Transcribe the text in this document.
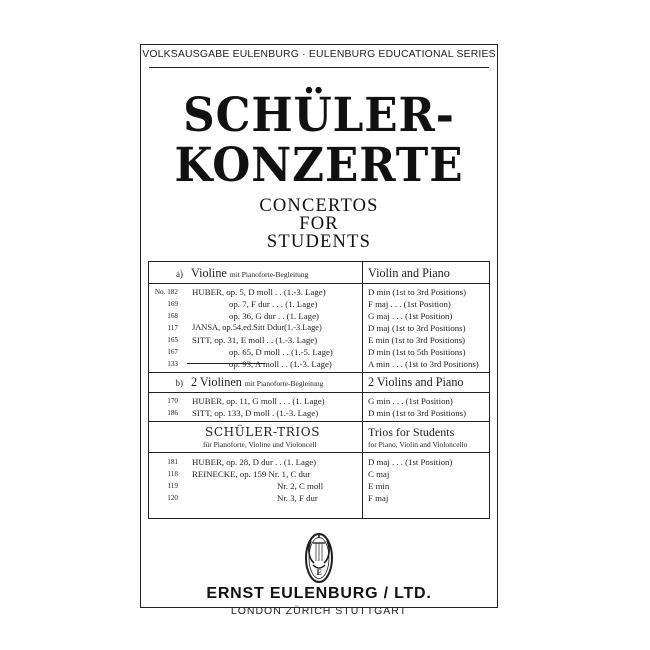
VOLKSAUSGABE EULENBURG · EULENBURG EDUCATIONAL SERIES
SCHÜLER-
KONZERTE
CONCERTOS
FOR
STUDENTS
a) Violine mit Pianoforte-Begleitung	Violin and Piano
No. 182 HUBER, op. 5, D moll . . (1.-3. Lage)	D min (1st to 3rd Positions)
169	op. 7, F dur . . . (1. Lage)	F maj . . . (1st Position)
168	op. 36, G dur . . (1. Lage)	G maj . . . (1st Position)
117 JANSA, op.54,ed.Sitt Ddur(1.-3.Lage)	D maj (1st to 3rd Positions)
165 SITT, op. 31, E moll . . (1.-3. Lage)	E min (1st to 3rd Positions)
167	op. 65, D moll . . (1.-5. Lage)	D min (1st to 5th Positions)
133	op. 93, A moll . . (1.-3. Lage)	A min . . . (1st to 3rd Positions)
b) 2 Violinen mit Pianoforte-Begleitung	2 Violins and Piano
170 HUBER, op. 11, G moll . . . (1. Lage)	G min . . . (1st Position)
186 SITT, op. 133, D moll . (1.-3. Lage)	D min (1st to 3rd Positions)
SCHÜLER-TRIOS
für Pianoforte, Violine und Violoncell
Trios for Students
for Piano, Violin and Violoncello
181 HUBER, op. 28, D dur . . (1. Lage)	D maj . . . (1st Position)
118 REINECKE, op. 159 Nr. 1, C dur	C maj
119	Nr. 2, C moll	E min
120	Nr. 3, F dur	F maj
E
ERNST EULENBURG / LTD.
LONDON ZÜRICH STUTTGART
